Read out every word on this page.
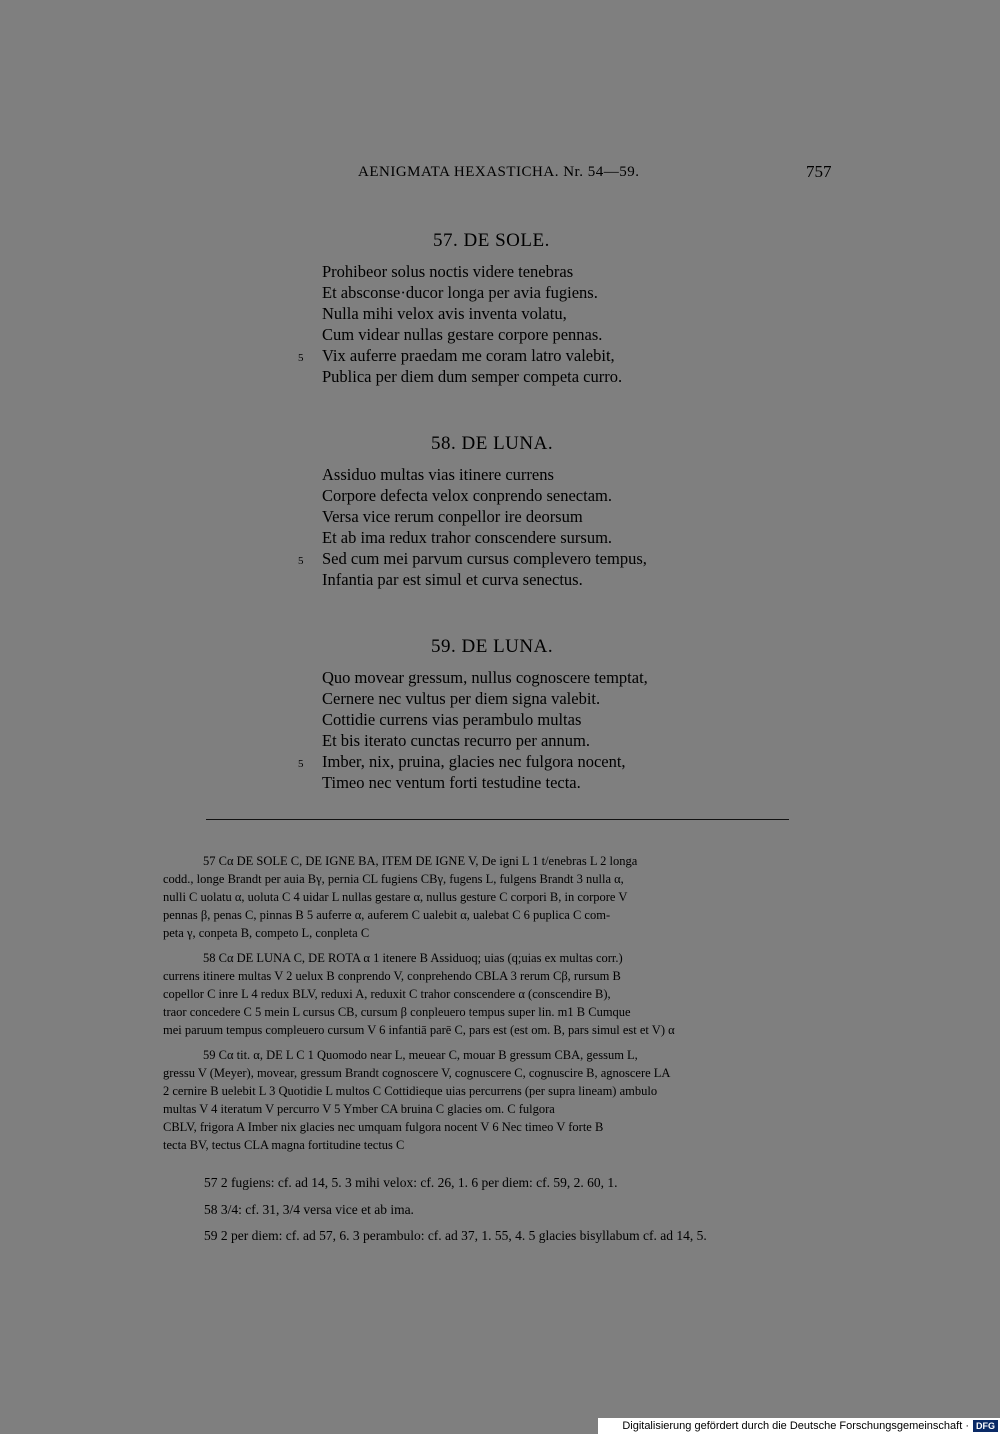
AENIGMATA HEXASTICHA. Nr. 54—59.	757
57. DE SOLE.
Prohibeor solus noctis videre tenebras
Et absconse·ducor longa per avia fugiens.
Nulla mihi velox avis inventa volatu,
Cum videar nullas gestare corpore pennas.
Vix auferre praedam me coram latro valebit,
Publica per diem dum semper competa curro.
5
58. DE LUNA.
Assiduo multas vias itinere currens
Corpore defecta velox conprendo senectam.
Versa vice rerum conpellor ire deorsum
Et ab ima redux trahor conscendere sursum.
Sed cum mei parvum cursus complevero tempus,
Infantia par est simul et curva senectus.
5
59. DE LUNA.
Quo movear gressum, nullus cognoscere temptat,
Cernere nec vultus per diem signa valebit.
Cottidie currens vias perambulo multas
Et bis iterato cunctas recurro per annum.
Imber, nix, pruina, glacies nec fulgora nocent,
Timeo nec ventum forti testudine tecta.
5
57 Cα DE SOLE C, DE IGNE BA, ITEM DE IGNE V, De igni L 1 t/enebras L 2 longa
codd., longe Brandt per auia Bγ, pernia CL fugiens CBγ, fugens L, fulgens Brandt 3 nulla α,
nulli C uolatu α, uoluta C 4 uidar L nullas gestare α, nullus gesture C corpori B, in corpore V
pennas β, penas C, pinnas B 5 auferre α, auferem C ualebit α, ualebat C 6 puplica C com-
peta γ, conpeta B, competo L, conpleta C
58 Cα DE LUNA C, DE ROTA α 1 itenere B Assiduoq; uias (q;uias ex multas corr.)
currens itinere multas V 2 uelux B conprendo V, conprehendo CBLA 3 rerum Cβ, rursum B
copellor C inre L 4 redux BLV, reduxi A, reduxit C trahor conscendere α (conscendire B),
traor concedere C 5 mein L cursus CB, cursum β conpleuero tempus super lin. m1 B Cumque
mei paruum tempus compleuero cursum V 6 infantiā parē C, pars est (est om. B, pars simul est et V) α
59 Cα tit. α, DE L C 1 Quomodo near L, meuear C, mouar B gressum CBA, gessum L,
gressu V (Meyer), movear, gressum Brandt cognoscere V, cognuscere C, cognuscire B, agnoscere LA
2 cernire B uelebit L 3 Quotidie L multos C Cottidieque uias percurrens (per supra lineam) ambulo
multas V 4 iteratum V percurro V 5 Ymber CA bruina C glacies om. C fulgora
CBLV, frigora A Imber nix glacies nec umquam fulgora nocent V 6 Nec timeo V forte B
tecta BV, tectus CLA magna fortitudine tectus C
57 2 fugiens: cf. ad 14, 5. 3 mihi velox: cf. 26, 1. 6 per diem: cf. 59, 2. 60, 1.
58 3/4: cf. 31, 3/4 versa vice et ab ima.
59 2 per diem: cf. ad 57, 6. 3 perambulo: cf. ad 37, 1. 55, 4. 5 glacies bisyllabum cf. ad 14, 5.
Digitalisierung gefördert durch die Deutsche Forschungsgemeinschaft · DFG
